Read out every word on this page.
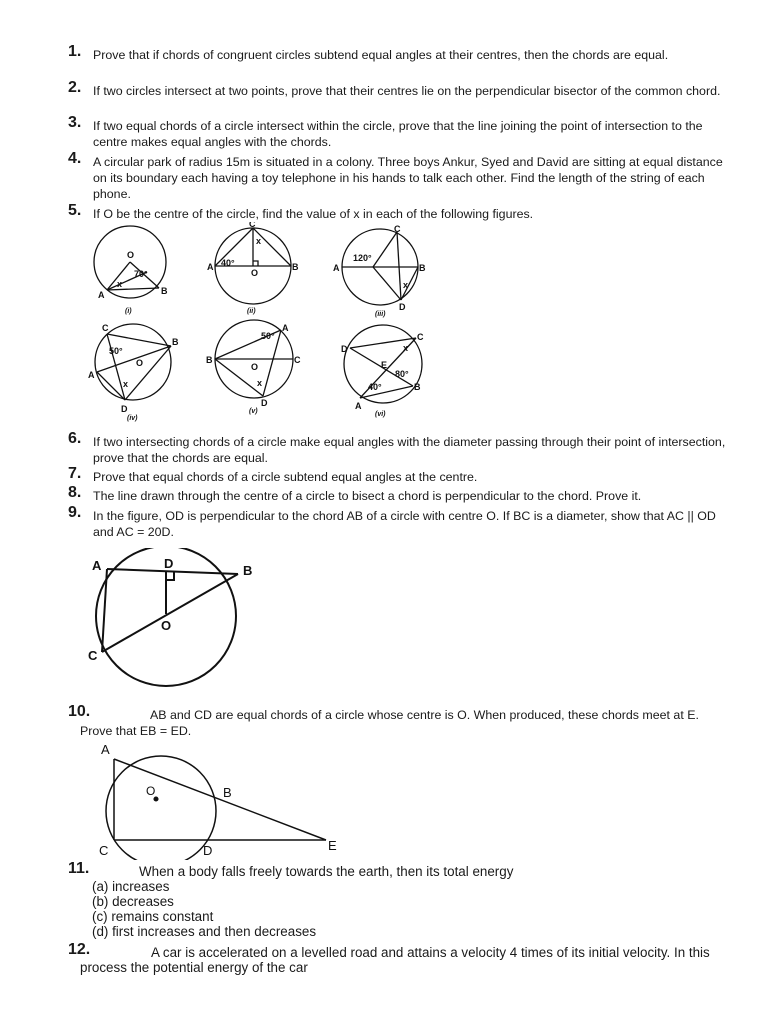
1. Prove that if chords of congruent circles subtend equal angles at their centres, then the chords are equal.
2. If two circles intersect at two points, prove that their centres lie on the perpendicular bisector of the common chord.
3. If two equal chords of a circle intersect within the circle, prove that the line joining the point of intersection to the centre makes equal angles with the chords.
4. A circular park of radius 15m is situated in a colony. Three boys Ankur, Syed and David are sitting at equal distance on its boundary each having a toy telephone in his hands to talk each other. Find the length of the string of each phone.
5. If O be the centre of the circle, find the value of x in each of the following figures.
O
70°
x
A	B
(i)
C
A	B
O
x
40°
(ii)
C
A	B
D
120°
x
(iii)
C
B
A
D
O
50°
x
(iv)
A
B	C
D
O
50°
x
(v)
C
D
E
A
B
x
80°
40°
(vi)
6. If two intersecting chords of a circle make equal angles with the diameter passing through their point of intersection, prove that the chords are equal.
7. Prove that equal chords of a circle subtend equal angles at the centre.
8. The line drawn through the centre of a circle to bisect a chord is perpendicular to the chord. Prove it.
9. In the figure, OD is perpendicular to the chord AB of a circle with centre O. If BC is a diameter, show that AC || OD and AC = 20D.
A	B
C
D
O
10.	AB and CD are equal chords of a circle whose centre is O. When produced, these chords meet at E. Prove that EB = ED.
A
B
C	D	E
O
11.	When a body falls freely towards the earth, then its total energy
(a) increases
(b) decreases
(c) remains constant
(d) first increases and then decreases
12.	A car is accelerated on a levelled road and attains a velocity 4 times of its initial velocity. In this process the potential energy of the car
